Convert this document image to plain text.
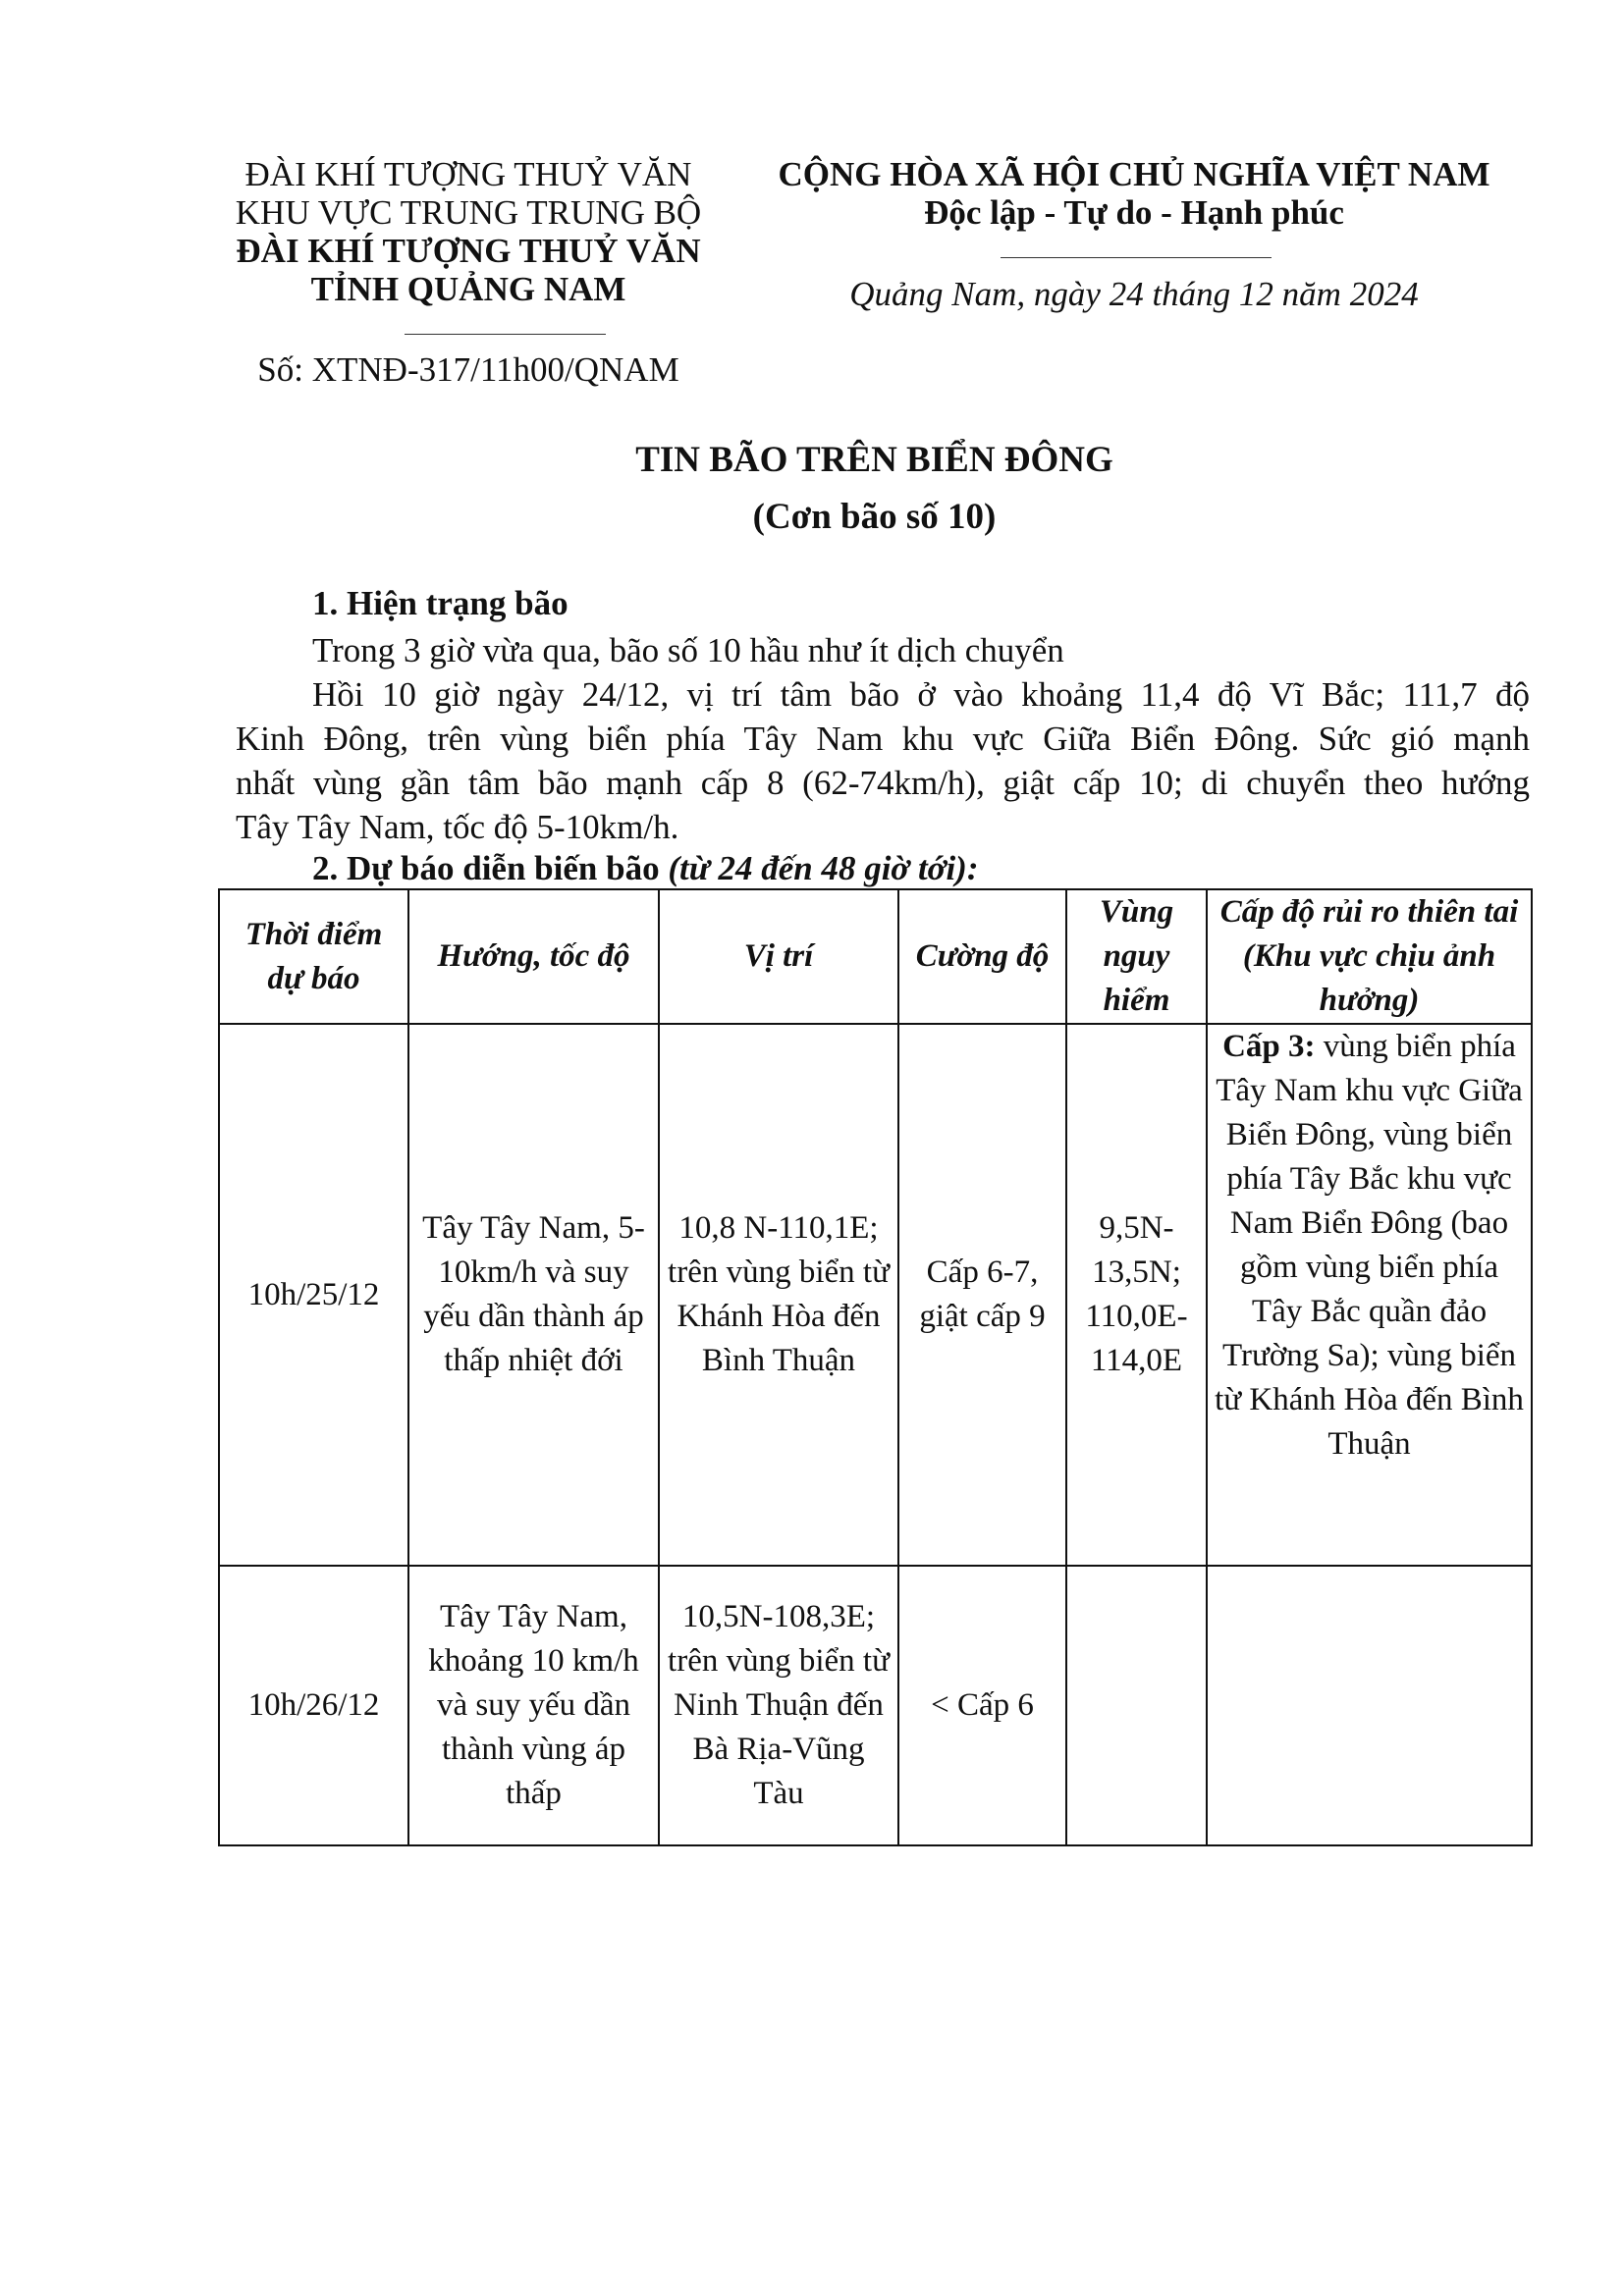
ĐÀI KHÍ TƯỢNG THUỶ VĂN
KHU VỰC TRUNG TRUNG BỘ
ĐÀI KHÍ TƯỢNG THUỶ VĂN
TỈNH QUẢNG NAM
Số: XTNĐ-317/11h00/QNAM
CỘNG HÒA XÃ HỘI CHỦ NGHĨA VIỆT NAM
Độc lập - Tự do - Hạnh phúc
Quảng Nam, ngày 24 tháng 12 năm 2024
TIN BÃO TRÊN BIỂN ĐÔNG
(Cơn bão số 10)
1. Hiện trạng bão
Trong 3 giờ vừa qua, bão số 10 hầu như ít dịch chuyển
Hồi 10 giờ ngày 24/12, vị trí tâm bão ở vào khoảng 11,4 độ Vĩ Bắc; 111,7 độ
Kinh Đông, trên vùng biển phía Tây Nam khu vực Giữa Biển Đông. Sức gió mạnh
nhất vùng gần tâm bão mạnh cấp 8 (62-74km/h), giật cấp 10; di chuyển theo hướng
Tây Tây Nam, tốc độ 5-10km/h.
2. Dự báo diễn biến bão (từ 24 đến 48 giờ tới):
Thời điểm dự báo	Hướng, tốc độ	Vị trí	Cường độ	Vùng nguy hiểm	Cấp độ rủi ro thiên tai (Khu vực chịu ảnh hưởng)
10h/25/12	Tây Tây Nam, 5-10km/h và suy yếu dần thành áp thấp nhiệt đới	10,8 N-110,1E; trên vùng biển từ Khánh Hòa đến Bình Thuận	Cấp 6-7, giật cấp 9	9,5N-13,5N; 110,0E-114,0E	Cấp 3: vùng biển phía Tây Nam khu vực Giữa Biển Đông, vùng biển phía Tây Bắc khu vực Nam Biển Đông (bao gồm vùng biển phía Tây Bắc quần đảo Trường Sa); vùng biển từ Khánh Hòa đến Bình Thuận
10h/26/12	Tây Tây Nam, khoảng 10 km/h và suy yếu dần thành vùng áp thấp	10,5N-108,3E; trên vùng biển từ Ninh Thuận đến Bà Rịa-Vũng Tàu	< Cấp 6		
